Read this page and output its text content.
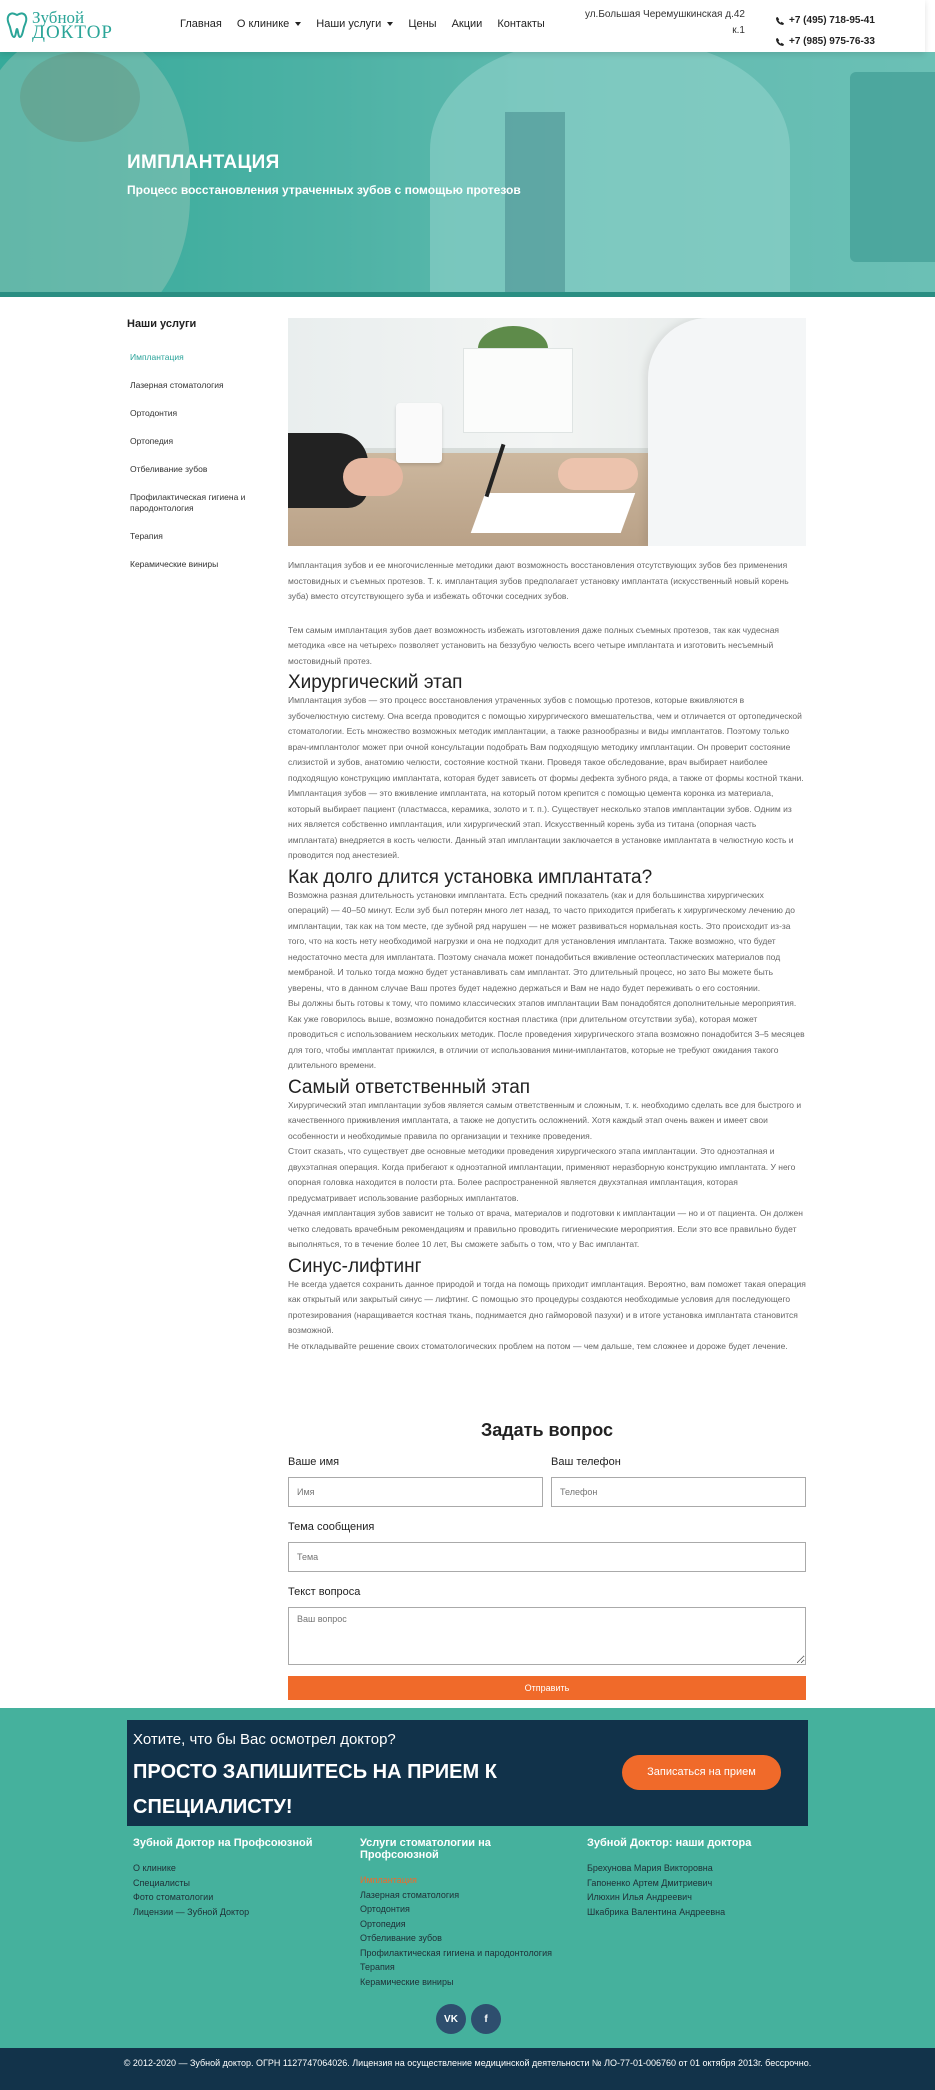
Зубной
ДОКТОР	Главная О клинике Наши услуги Цены Акции Контакты
ул.Большая Черемушкинская д.42
к.1
+7 (495) 718-95-41
+7 (985) 975-76-33
ИМПЛАНТАЦИЯ
Процесс восстановления утраченных зубов с помощью протезов
Наши услуги
Имплантация
Лазерная стоматология
Ортодонтия
Ортопедия
Отбеливание зубов
Профилактическая гигиена и пародонтология
Терапия
Керамические виниры	Имплантация зубов и ее многочисленные методики дают возможность восстановления отсутствующих зубов без применения мостовидных и съемных протезов. Т. к. имплантация зубов предполагает установку имплантата (искусственный новый корень зуба) вместо отсутствующего зуба и избежать обточки соседних зубов.

Тем самым имплантация зубов дает возможность избежать изготовления даже полных съемных протезов, так как чудесная методика «все на четырех» позволяет установить на беззубую челюсть всего четыре имплантата и изготовить несъемный мостовидный протез.

Хирургический этап

Имплантация зубов — это процесс восстановления утраченных зубов с помощью протезов, которые вживляются в зубочелюстную систему. Она всегда проводится с помощью хирургического вмешательства, чем и отличается от ортопедической стоматологии. Есть множество возможных методик имплантации, а также разнообразны и виды имплантатов. Поэтому только врач-имплантолог может при очной консультации подобрать Вам подходящую методику имплантации. Он проверит состояние слизистой и зубов, анатомию челюсти, состояние костной ткани. Проведя такое обследование, врач выбирает наиболее подходящую конструкцию имплантата, которая будет зависеть от формы дефекта зубного ряда, а также от формы костной ткани.

Имплантация зубов — это вживление имплантата, на который потом крепится с помощью цемента коронка из материала, который выбирает пациент (пластмасса, керамика, золото и т. п.). Существует несколько этапов имплантации зубов. Одним из них является собственно имплантация, или хирургический этап. Искусственный корень зуба из титана (опорная часть имплантата) внедряется в кость челюсти. Данный этап имплантации заключается в установке имплантата в челюстную кость и проводится под анестезией.

Как долго длится установка имплантата?

Возможна разная длительность установки имплантата. Есть средний показатель (как и для большинства хирургических операций) — 40–50 минут. Если зуб был потерян много лет назад, то часто приходится прибегать к хирургическому лечению до имплантации, так как на том месте, где зубной ряд нарушен — не может развиваться нормальная кость. Это происходит из-за того, что на кость нету необходимой нагрузки и она не подходит для установления имплантата. Также возможно, что будет недостаточно места для имплантата. Поэтому сначала может понадобиться вживление остеопластических материалов под мембраной. И только тогда можно будет устанавливать сам имплантат. Это длительный процесс, но зато Вы можете быть уверены, что в данном случае Ваш протез будет надежно держаться и Вам не надо будет переживать о его состоянии.

Вы должны быть готовы к тому, что помимо классических этапов имплантации Вам понадобятся дополнительные мероприятия. Как уже говорилось выше, возможно понадобится костная пластика (при длительном отсутствии зуба), которая может проводиться с использованием нескольких методик. После проведения хирургического этапа возможно понадобится 3–5 месяцев для того, чтобы имплантат прижился, в отличии от использования мини-имплантатов, которые не требуют ожидания такого длительного времени.

Самый ответственный этап

Хирургический этап имплантации зубов является самым ответственным и сложным, т. к. необходимо сделать все для быстрого и качественного приживления имплантата, а также не допустить осложнений. Хотя каждый этап очень важен и имеет свои особенности и необходимые правила по организации и технике проведения.

Стоит сказать, что существует две основные методики проведения хирургического этапа имплантации. Это одноэтапная и двухэтапная операция. Когда прибегают к одноэтапной имплантации, применяют неразборную конструкцию имплантата. У него опорная головка находится в полости рта. Более распространенной является двухэтапная имплантация, которая предусматривает использование разборных имплантатов.

Удачная имплантация зубов зависит не только от врача, материалов и подготовки к имплантации — но и от пациента. Он должен четко следовать врачебным рекомендациям и правильно проводить гигиенические мероприятия. Если это все правильно будет выполняться, то в течение более 10 лет, Вы сможете забыть о том, что у Вас имплантат.

Синус-лифтинг

Не всегда удается сохранить данное природой и тогда на помощь приходит имплантация. Вероятно, вам поможет такая операция как открытый или закрытый синус — лифтинг. С помощью это процедуры создаются необходимые условия для последующего протезирования (наращивается костная ткань, поднимается дно гайморовой пазухи) и в итоге установка имплантата становится возможной.

Не откладывайте решение своих стоматологических проблем на потом — чем дальше, тем сложнее и дороже будет лечение.

Задать вопрос
Ваше имя
Имя	Ваш телефон
Телефон
Тема сообщения
Тема
Текст вопроса
Ваш вопрос Отправить
Хотите, что бы Вас осмотрел доктор?
ПРОСТО ЗАПИШИТЕСЬ НА ПРИЕМ К СПЕЦИАЛИСТУ!
Записаться на прием
Зубной Доктор на Профсоюзной
О клинике
Специалисты
Фото стоматологии
Лицензии — Зубной Доктор
Услуги стоматологии на Профсоюзной
Имплантация
Лазерная стоматология
Ортодонтия
Ортопедия
Отбеливание зубов
Профилактическая гигиена и пародонтология
Терапия
Керамические виниры
Зубной Доктор: наши доктора
Брехунова Мария Викторовна
Гапоненко Артем Дмитриевич
Илюхин Илья Андреевич
Шкабрика Валентина Андреевна
VK	f
© 2012-2020 — Зубной доктор. ОГРН 1127747064026. Лицензия на осуществление медицинской деятельности № ЛО-77-01-006760 от 01 октября 2013г. бессрочно.
